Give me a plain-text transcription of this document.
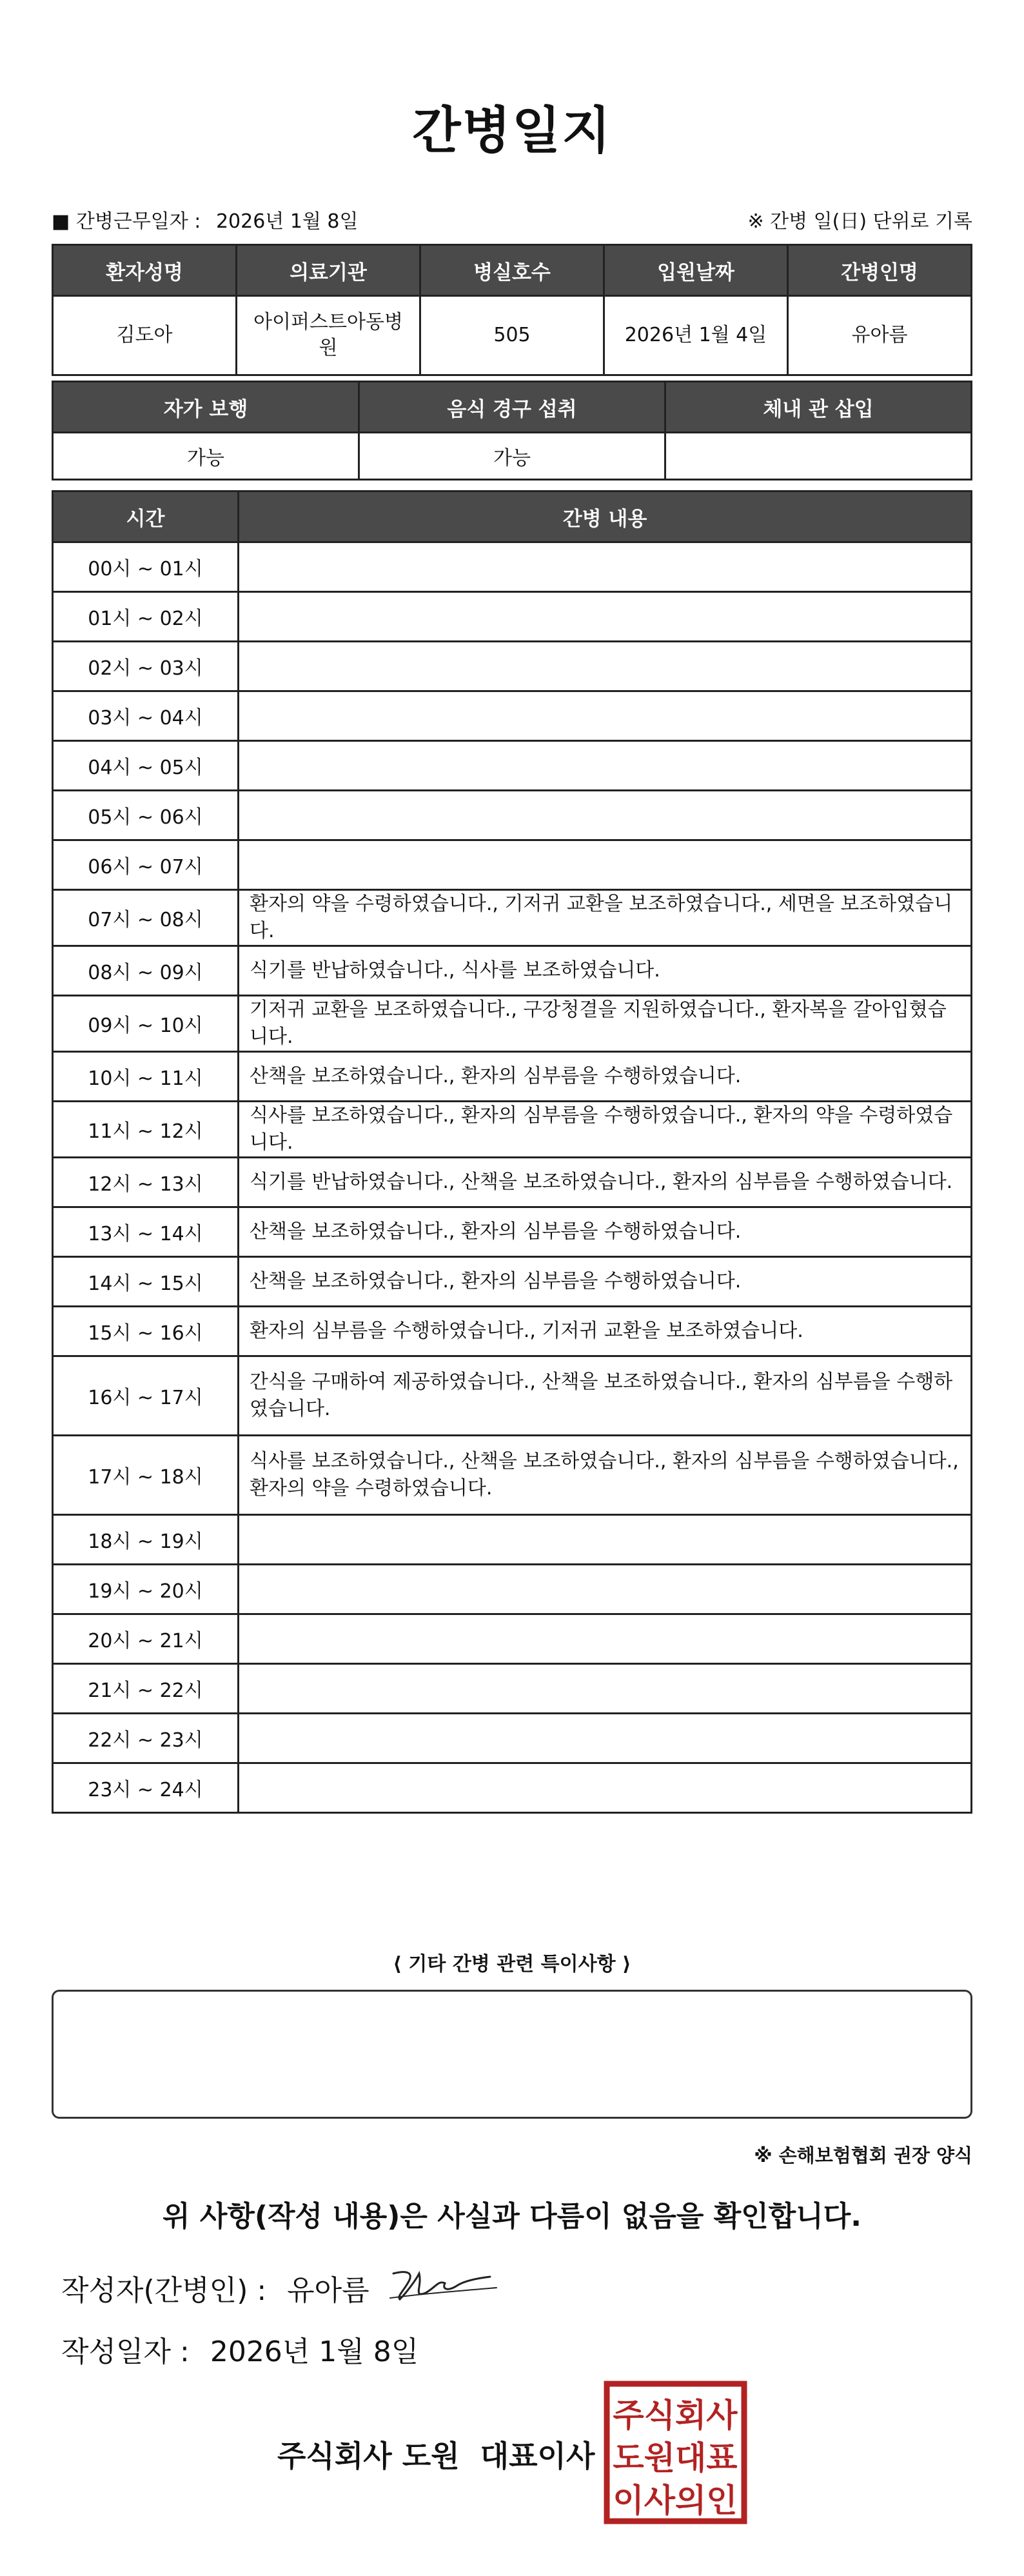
간병일지
■ 간병근무일자 : 2026년 1월 8일	※ 간병 일(日) 단위로 기록
환자성명	의료기관	병실호수	입원날짜	간병인명
김도아	아이퍼스트아동병원	505	2026년 1월 4일	유아름
자가 보행	음식 경구 섭취	체내 관 삽입
가능	가능	
시간	간병 내용
00시 ~ 01시	
01시 ~ 02시	
02시 ~ 03시	
03시 ~ 04시	
04시 ~ 05시	
05시 ~ 06시	
06시 ~ 07시	
07시 ~ 08시	환자의 약을 수령하였습니다., 기저귀 교환을 보조하였습니다., 세면을 보조하였습니다.
08시 ~ 09시	식기를 반납하였습니다., 식사를 보조하였습니다.
09시 ~ 10시	기저귀 교환을 보조하였습니다., 구강청결을 지원하였습니다., 환자복을 갈아입혔습니다.
10시 ~ 11시	산책을 보조하였습니다., 환자의 심부름을 수행하였습니다.
11시 ~ 12시	식사를 보조하였습니다., 환자의 심부름을 수행하였습니다., 환자의 약을 수령하였습니다.
12시 ~ 13시	식기를 반납하였습니다., 산책을 보조하였습니다., 환자의 심부름을 수행하였습니다.
13시 ~ 14시	산책을 보조하였습니다., 환자의 심부름을 수행하였습니다.
14시 ~ 15시	산책을 보조하였습니다., 환자의 심부름을 수행하였습니다.
15시 ~ 16시	환자의 심부름을 수행하였습니다., 기저귀 교환을 보조하였습니다.
16시 ~ 17시	간식을 구매하여 제공하였습니다., 산책을 보조하였습니다., 환자의 심부름을 수행하였습니다.
17시 ~ 18시	식사를 보조하였습니다., 산책을 보조하였습니다., 환자의 심부름을 수행하였습니다., 환자의 약을 수령하였습니다.
18시 ~ 19시	
19시 ~ 20시	
20시 ~ 21시	
21시 ~ 22시	
22시 ~ 23시	
23시 ~ 24시	
⟨ 기타 간병 관련 특이사항 ⟩
※ 손해보험협회 권장 양식
위 사항(작성 내용)은 사실과 다름이 없음을 확인합니다.
작성자(간병인) : 유아름
작성일자 : 2026년 1월 8일
주식회사 도원  대표이사
주식회사
도원대표
이사의인
